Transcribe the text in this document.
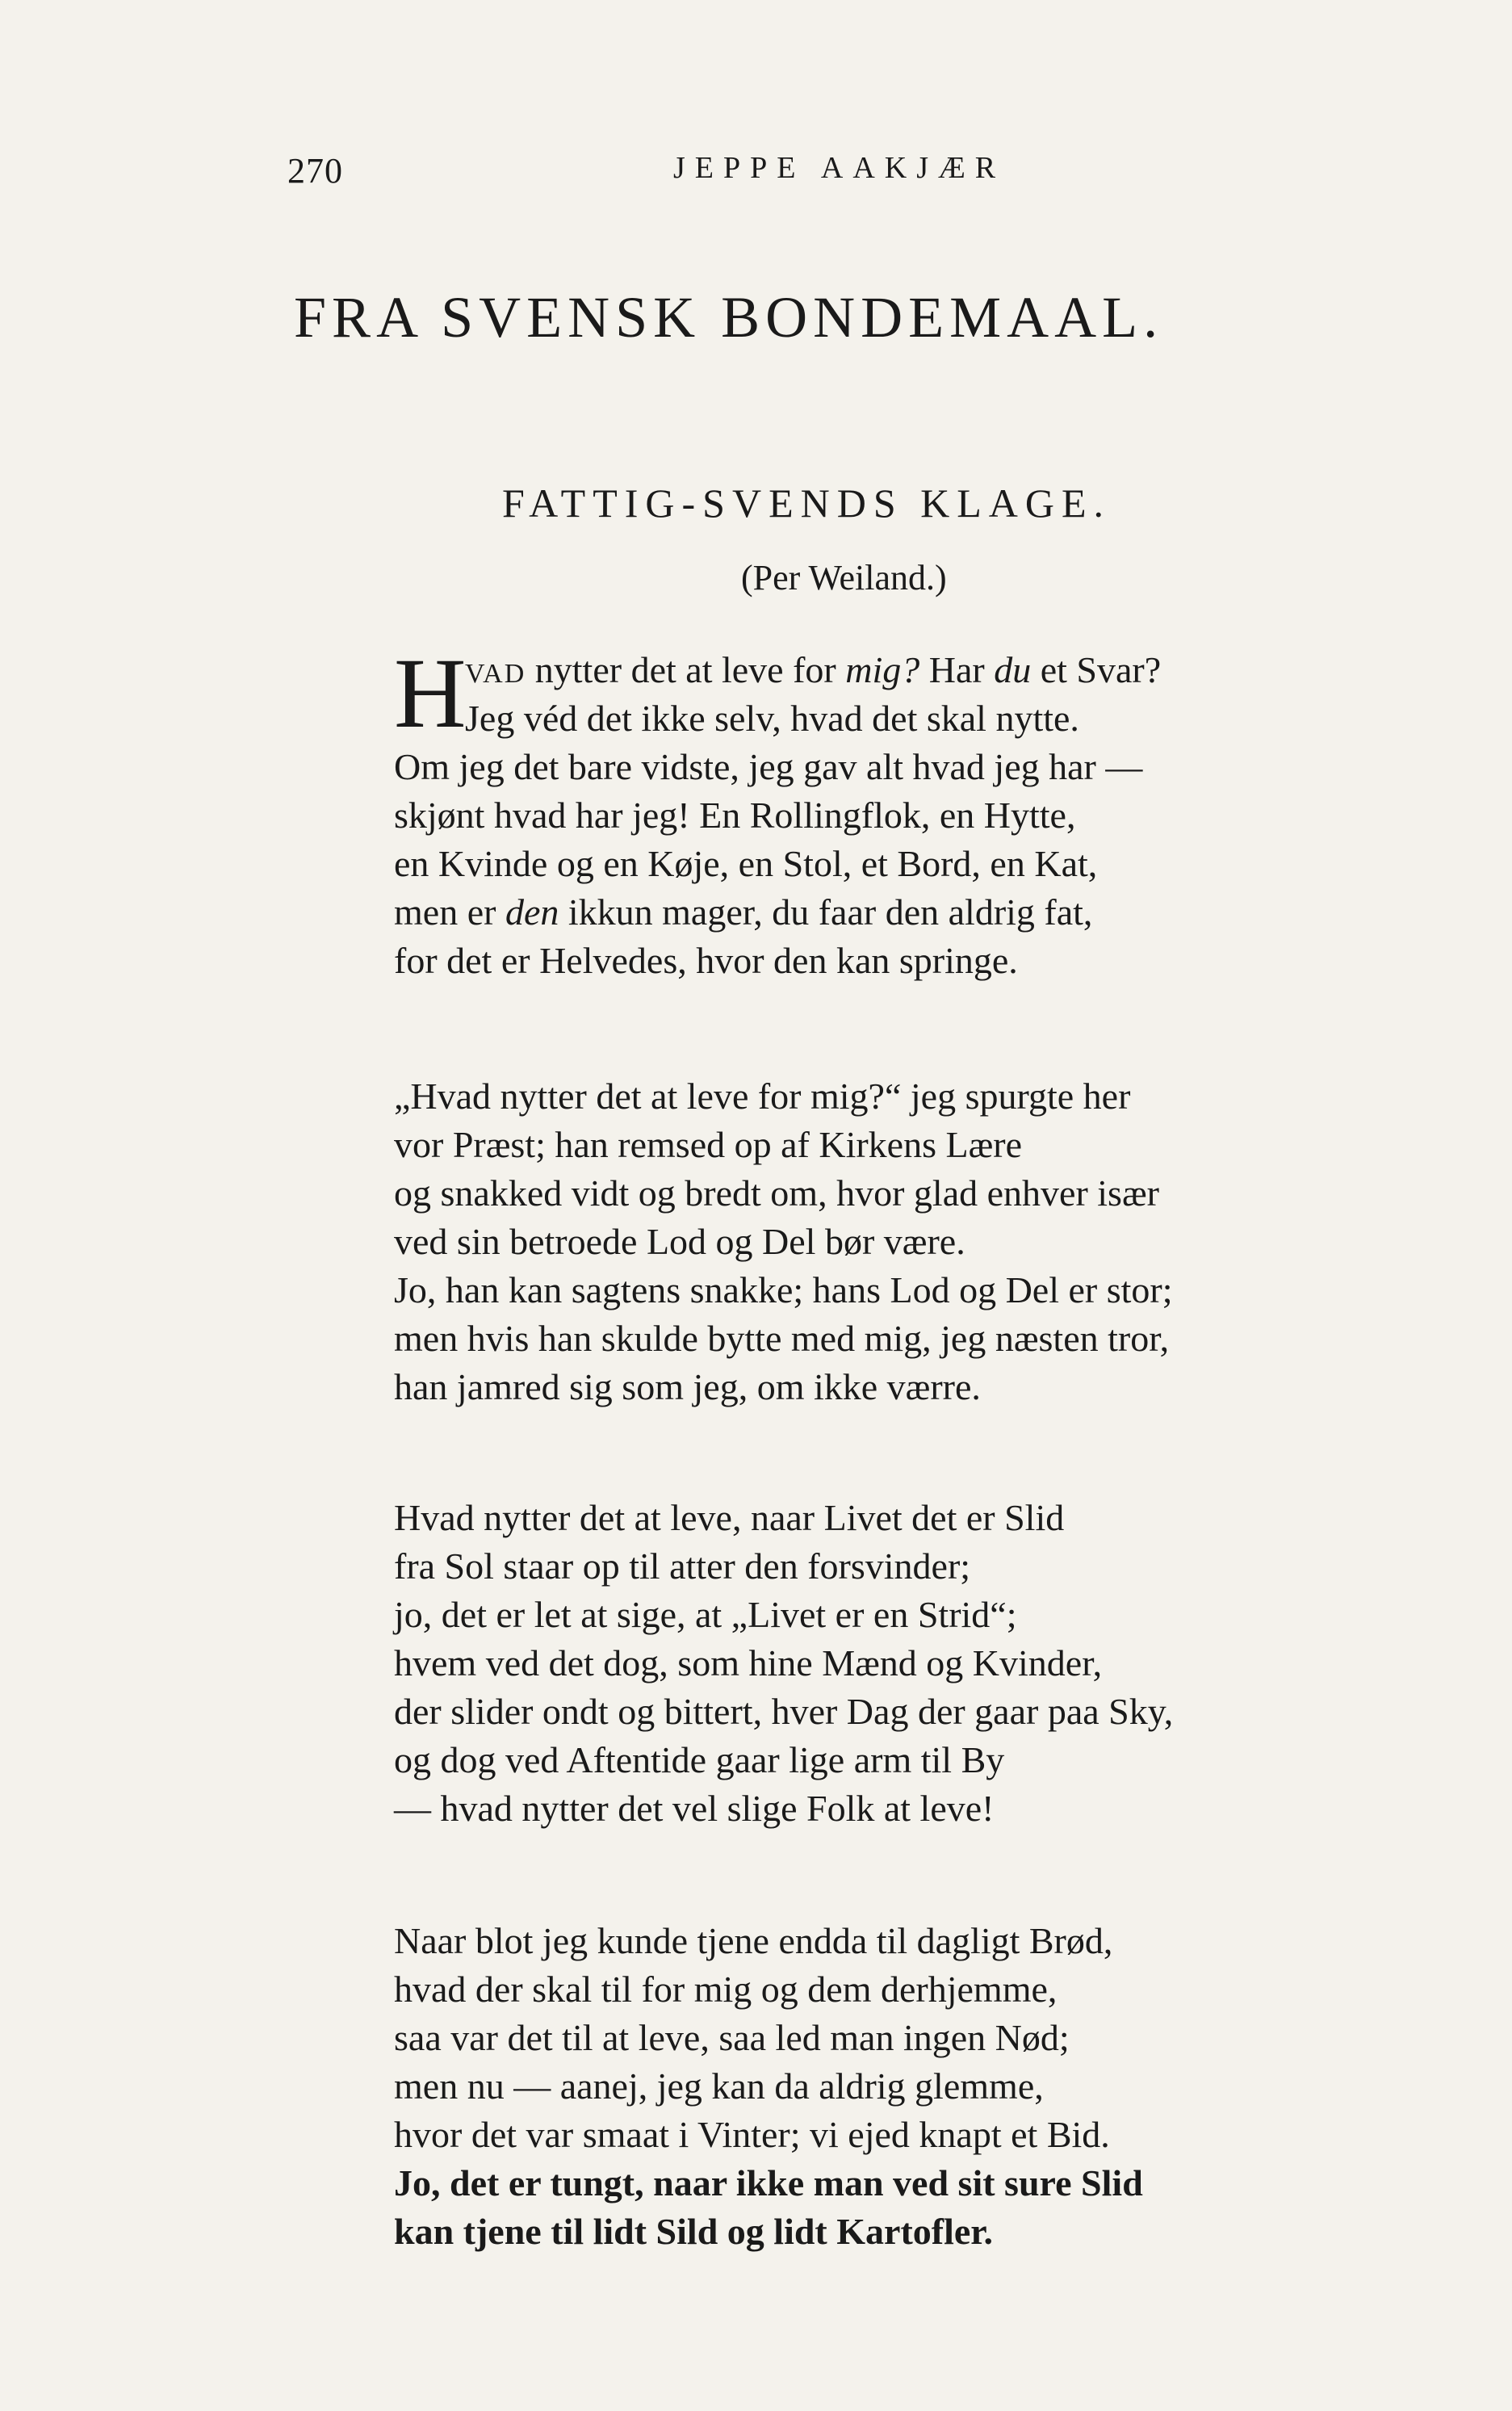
270	JEPPE AAKJÆR
FRA SVENSK BONDEMAAL.
FATTIG-SVENDS KLAGE.
(Per Weiland.)
H
VAD nytter det at leve for mig? Har du et Svar?
Jeg véd det ikke selv, hvad det skal nytte.
Om jeg det bare vidste, jeg gav alt hvad jeg har —
skjønt hvad har jeg! En Rollingflok, en Hytte,
en Kvinde og en Køje, en Stol, et Bord, en Kat,
men er den ikkun mager, du faar den aldrig fat,
for det er Helvedes, hvor den kan springe.
„Hvad nytter det at leve for mig?“ jeg spurgte her
vor Præst; han remsed op af Kirkens Lære
og snakked vidt og bredt om, hvor glad enhver især
ved sin betroede Lod og Del bør være.
Jo, han kan sagtens snakke; hans Lod og Del er stor;
men hvis han skulde bytte med mig, jeg næsten tror,
han jamred sig som jeg, om ikke værre.
Hvad nytter det at leve, naar Livet det er Slid
fra Sol staar op til atter den forsvinder;
jo, det er let at sige, at „Livet er en Strid“;
hvem ved det dog, som hine Mænd og Kvinder,
der slider ondt og bittert, hver Dag der gaar paa Sky,
og dog ved Aftentide gaar lige arm til By
— hvad nytter det vel slige Folk at leve!
Naar blot jeg kunde tjene endda til dagligt Brød,
hvad der skal til for mig og dem derhjemme,
saa var det til at leve, saa led man ingen Nød;
men nu — aanej, jeg kan da aldrig glemme,
hvor det var smaat i Vinter; vi ejed knapt et Bid.
Jo, det er tungt, naar ikke man ved sit sure Slid
kan tjene til lidt Sild og lidt Kartofler.
